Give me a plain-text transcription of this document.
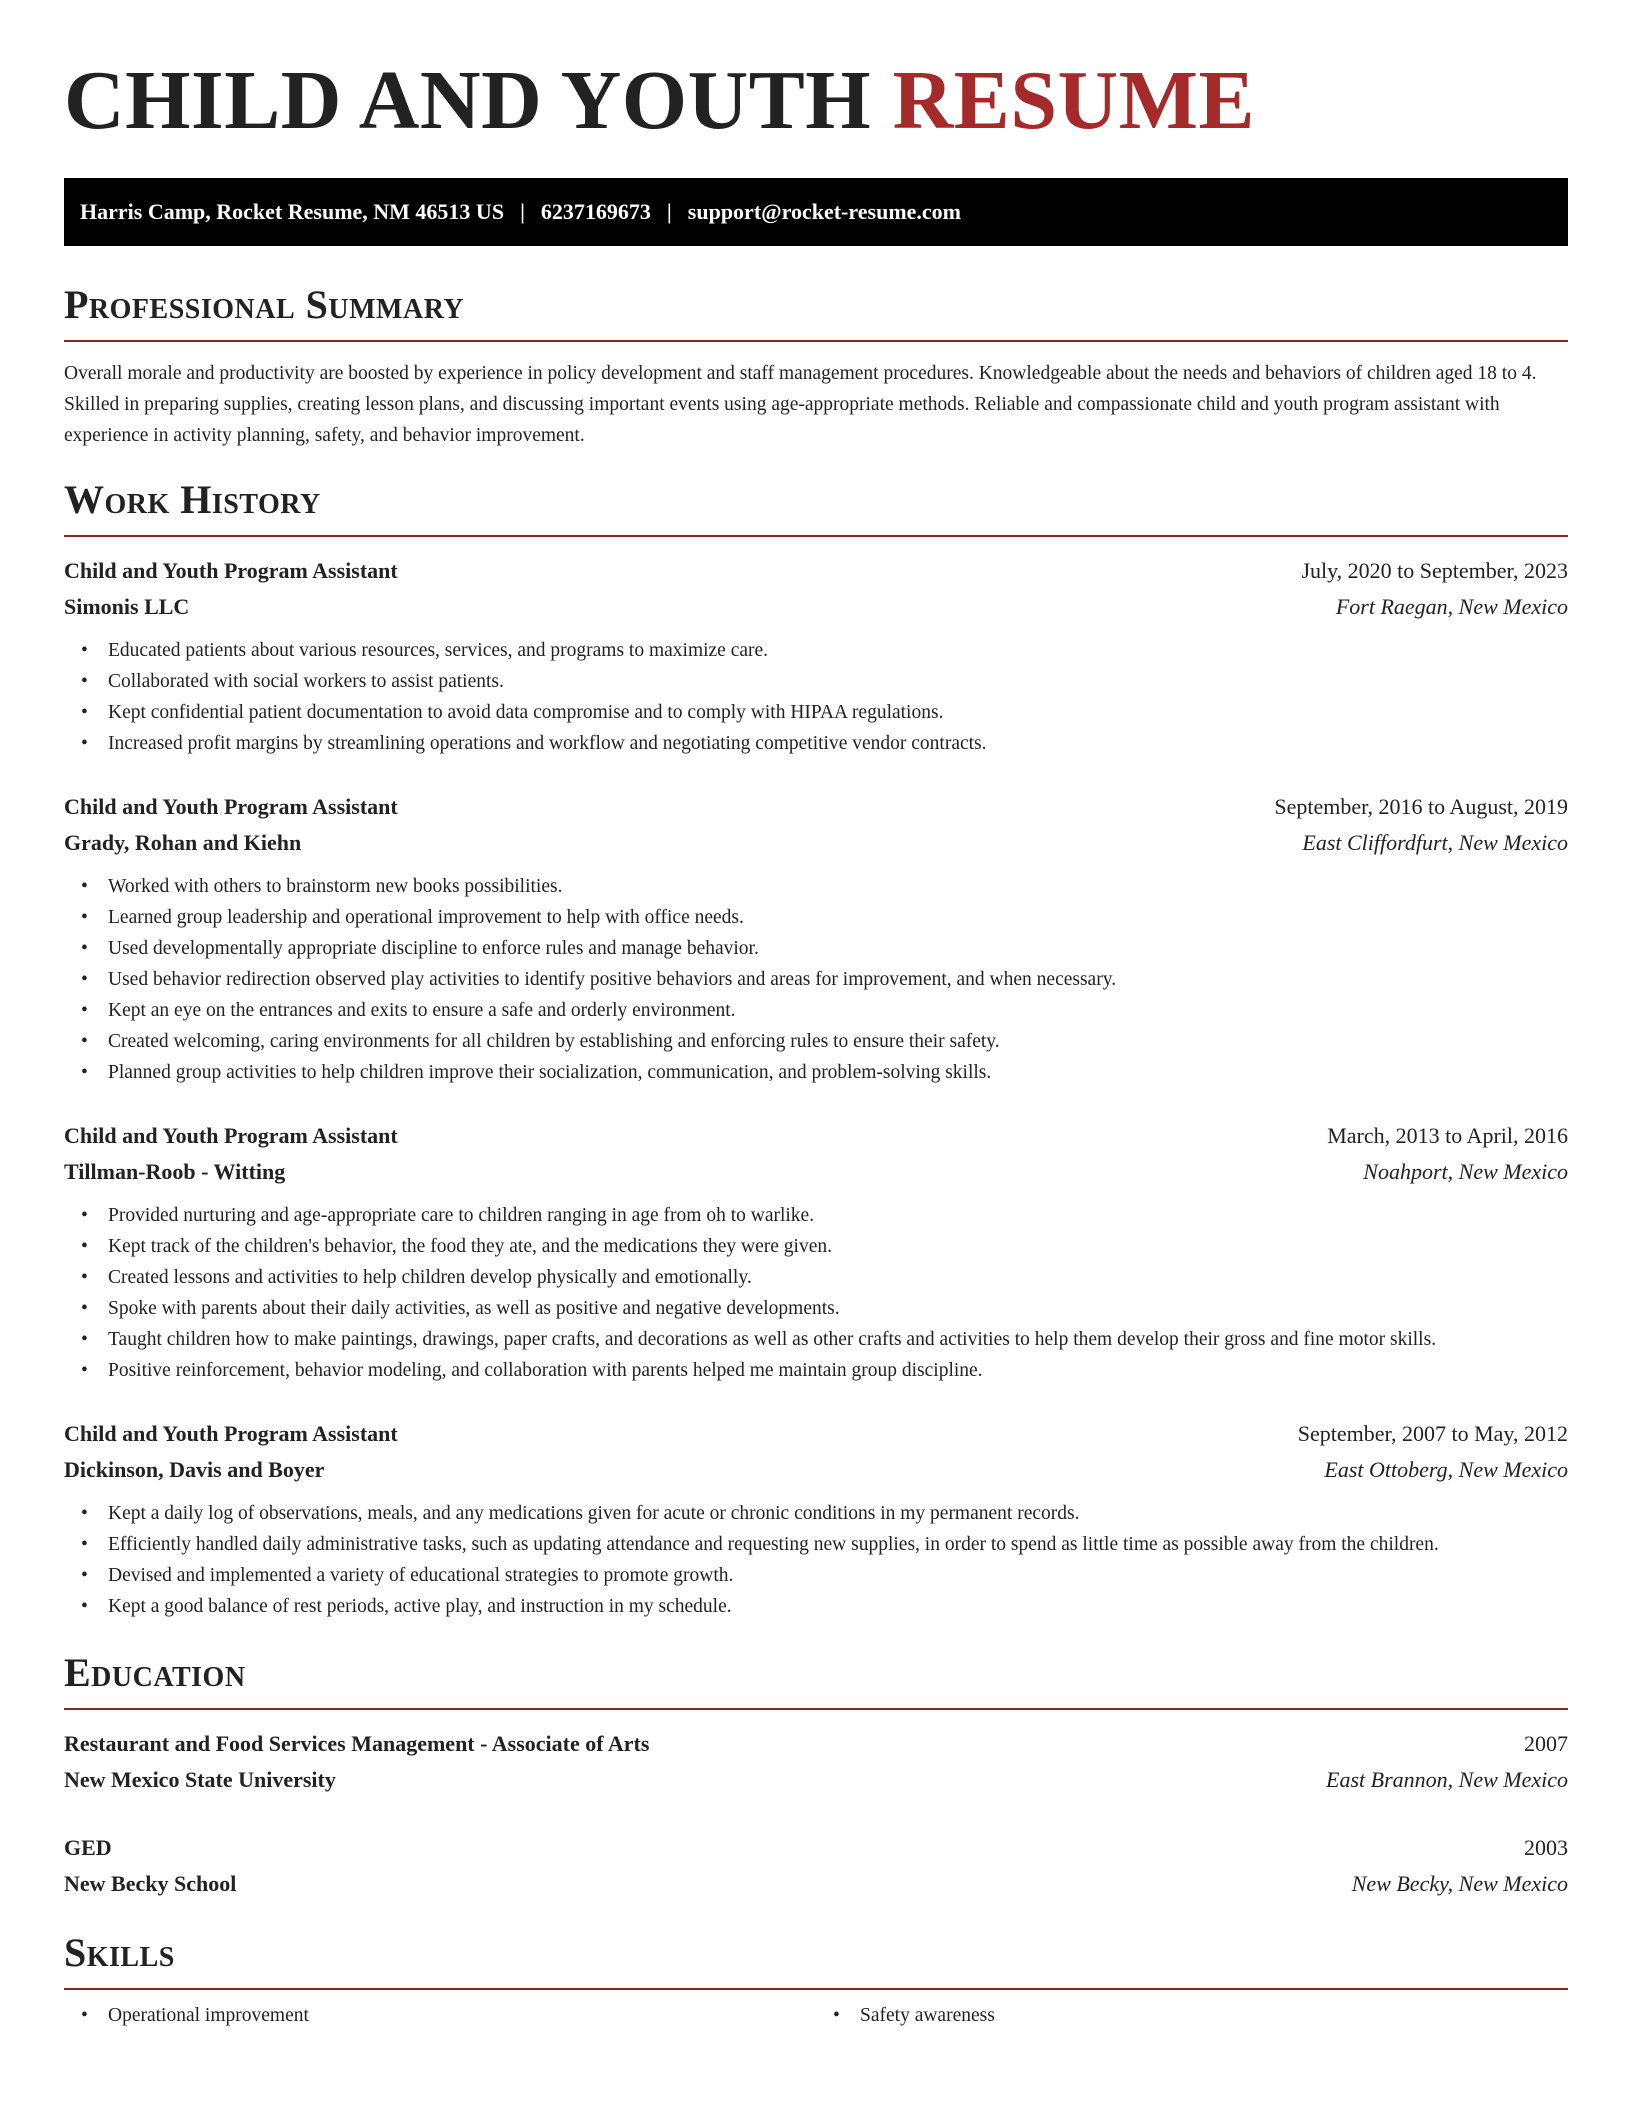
CHILD AND YOUTH RESUME
Harris Camp, Rocket Resume, NM 46513 US | 6237169673 | support@rocket-resume.com
Professional Summary

Overall morale and productivity are boosted by experience in policy development and staff management procedures. Knowledgeable about the needs and behaviors of children aged 18 to 4. Skilled in preparing supplies, creating lesson plans, and discussing important events using age-appropriate methods. Reliable and compassionate child and youth program assistant with experience in activity planning, safety, and behavior improvement.

Work History
Child and Youth Program Assistant	July, 2020 to September, 2023
Simonis LLC	Fort Raegan, New Mexico
• Educated patients about various resources, services, and programs to maximize care.
• Collaborated with social workers to assist patients.
• Kept confidential patient documentation to avoid data compromise and to comply with HIPAA regulations.
• Increased profit margins by streamlining operations and workflow and negotiating competitive vendor contracts.
Child and Youth Program Assistant	September, 2016 to August, 2019
Grady, Rohan and Kiehn	East Cliffordfurt, New Mexico
• Worked with others to brainstorm new books possibilities.
• Learned group leadership and operational improvement to help with office needs.
• Used developmentally appropriate discipline to enforce rules and manage behavior.
• Used behavior redirection observed play activities to identify positive behaviors and areas for improvement, and when necessary.
• Kept an eye on the entrances and exits to ensure a safe and orderly environment.
• Created welcoming, caring environments for all children by establishing and enforcing rules to ensure their safety.
• Planned group activities to help children improve their socialization, communication, and problem-solving skills.
Child and Youth Program Assistant	March, 2013 to April, 2016
Tillman-Roob - Witting	Noahport, New Mexico
• Provided nurturing and age-appropriate care to children ranging in age from oh to warlike.
• Kept track of the children's behavior, the food they ate, and the medications they were given.
• Created lessons and activities to help children develop physically and emotionally.
• Spoke with parents about their daily activities, as well as positive and negative developments.
• Taught children how to make paintings, drawings, paper crafts, and decorations as well as other crafts and activities to help them develop their gross and fine motor skills.
• Positive reinforcement, behavior modeling, and collaboration with parents helped me maintain group discipline.
Child and Youth Program Assistant	September, 2007 to May, 2012
Dickinson, Davis and Boyer	East Ottoberg, New Mexico
• Kept a daily log of observations, meals, and any medications given for acute or chronic conditions in my permanent records.
• Efficiently handled daily administrative tasks, such as updating attendance and requesting new supplies, in order to spend as little time as possible away from the children.
• Devised and implemented a variety of educational strategies to promote growth.
• Kept a good balance of rest periods, active play, and instruction in my schedule.
Education
Restaurant and Food Services Management - Associate of Arts	2007
New Mexico State University	East Brannon, New Mexico
GED	2003
New Becky School	New Becky, New Mexico
Skills
• Operational improvement
•	Safety awareness
